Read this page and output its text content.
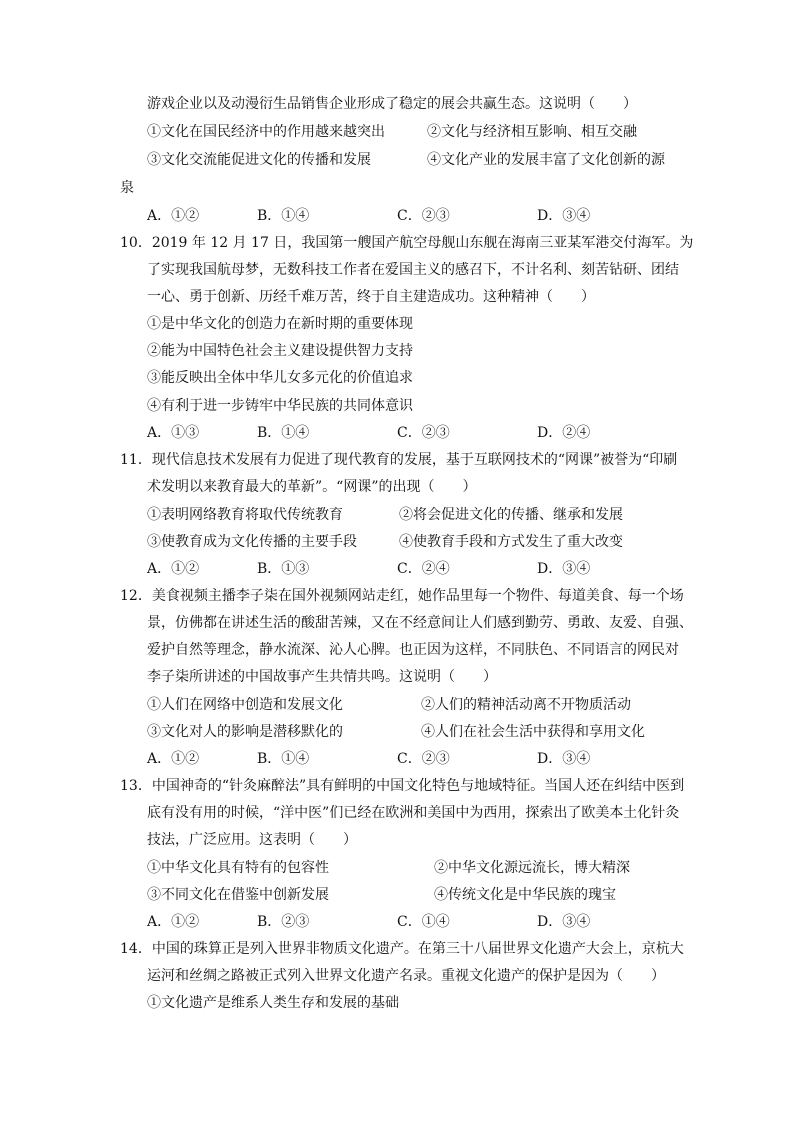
游戏企业以及动漫衍生品销售企业形成了稳定的展会共赢生态。这说明（　　）
①文化在国民经济中的作用越来越突出	②文化与经济相互影响、相互交融
③文化交流能促进文化的传播和发展	④文化产业的发展丰富了文化创新的源
泉
A．①②	B．①④	C．②③	D．③④
10．2019 年 12 月 17 日，我国第一艘国产航空母舰山东舰在海南三亚某军港交付海军。为
了实现我国航母梦，无数科技工作者在爱国主义的感召下，不计名利、刻苦钻研、团结
一心、勇于创新、历经千难万苦，终于自主建造成功。这种精神（　　）
①是中华文化的创造力在新时期的重要体现
②能为中国特色社会主义建设提供智力支持
③能反映出全体中华儿女多元化的价值追求
④有利于进一步铸牢中华民族的共同体意识
A．①③	B．①④	C．②③	D．②④
11．现代信息技术发展有力促进了现代教育的发展，基于互联网技术的“网课”被誉为“印刷
术发明以来教育最大的革新”。“网课”的出现（　　）
①表明网络教育将取代传统教育	②将会促进文化的传播、继承和发展
③使教育成为文化传播的主要手段	④使教育手段和方式发生了重大改变
A．①②	B．①③	C．②④	D．③④
12．美食视频主播李子柒在国外视频网站走红，她作品里每一个物件、每道美食、每一个场
景，仿佛都在讲述生活的酸甜苦辣，又在不经意间让人们感到勤劳、勇敢、友爱、自强、
爱护自然等理念，静水流深、沁人心脾。也正因为这样，不同肤色、不同语言的网民对
李子柒所讲述的中国故事产生共情共鸣。这说明（　　）
①人们在网络中创造和发展文化	②人们的精神活动离不开物质活动
③文化对人的影响是潜移默化的	④人们在社会生活中获得和享用文化
A．①②	B．①④	C．②③	D．③④
13．中国神奇的“针灸麻醉法”具有鲜明的中国文化特色与地域特征。当国人还在纠结中医到
底有没有用的时候，“洋中医”们已经在欧洲和美国中为西用，探索出了欧美本土化针灸
技法，广泛应用。这表明（　　）
①中华文化具有特有的包容性	②中华文化源远流长，博大精深
③不同文化在借鉴中创新发展	④传统文化是中华民族的瑰宝
A．①②	B．②③	C．①④	D．③④
14．中国的珠算正是列入世界非物质文化遗产。在第三十八届世界文化遗产大会上，京杭大
运河和丝绸之路被正式列入世界文化遗产名录。重视文化遗产的保护是因为（　　）
①文化遗产是维系人类生存和发展的基础
